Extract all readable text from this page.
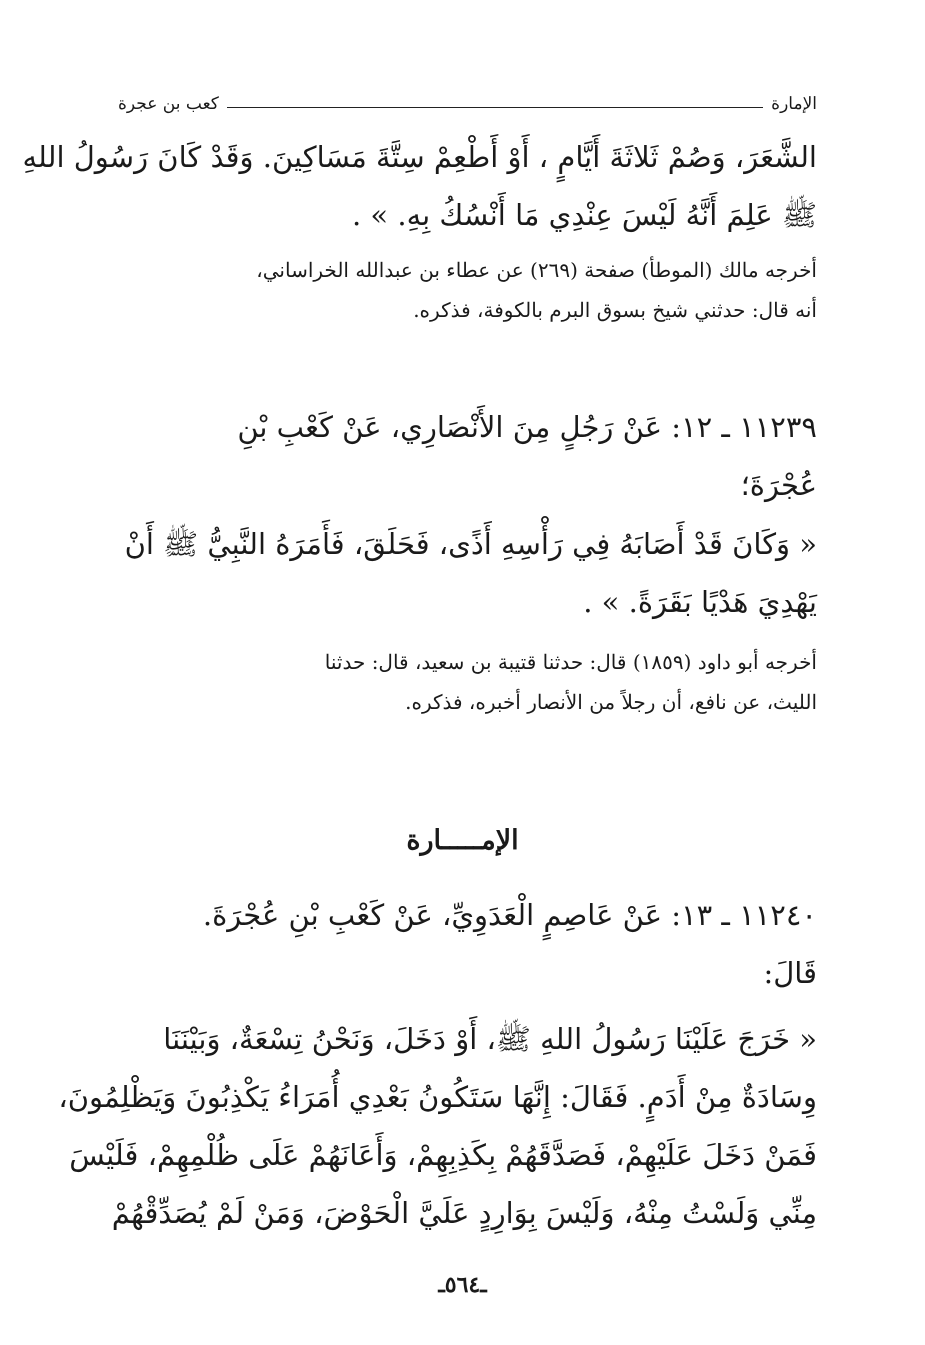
الإمارة
كعب بن عجرة
الشَّعَرَ، وَصُمْ ثَلاثَةَ أَيَّامٍ ، أَوْ أَطْعِمْ سِتَّةَ مَسَاكِينَ. وَقَدْ كَانَ رَسُولُ اللهِ
ﷺ عَلِمَ أَنَّهُ لَيْسَ عِنْدِي مَا أَنْسُكُ بِهِ. » .
أخرجه مالك (الموطأ) صفحة (٢٦٩) عن عطاء بن عبدالله الخراساني،
أنه قال: حدثني شيخ بسوق البرم بالكوفة، فذكره.
١١٢٣٩ ـ ١٢: عَنْ رَجُلٍ مِنَ الأَنْصَارِي، عَنْ كَعْبِ بْنِ
عُجْرَةَ؛
« وَكَانَ قَدْ أَصَابَهُ فِي رَأْسِهِ أَذًى، فَحَلَقَ، فَأَمَرَهُ النَّبِيُّ ﷺ أَنْ
يَهْدِيَ هَدْيًا بَقَرَةً. » .
أخرجه أبو داود (١٨٥٩) قال: حدثنا قتيبة بن سعيد، قال: حدثنا
الليث، عن نافع، أن رجلاً من الأنصار أخبره، فذكره.
الإمـــــارة
١١٢٤٠ ـ ١٣: عَنْ عَاصِمٍ الْعَدَوِيِّ، عَنْ كَعْبِ بْنِ عُجْرَةَ.
قَالَ:
« خَرَجَ عَلَيْنَا رَسُولُ اللهِ ﷺ، أَوْ دَخَلَ، وَنَحْنُ تِسْعَةٌ، وَبَيْنَنَا
وِسَادَةٌ مِنْ أَدَمٍ. فَقَالَ: إِنَّهَا سَتَكُونُ بَعْدِي أُمَرَاءُ يَكْذِبُونَ وَيَظْلِمُونَ،
فَمَنْ دَخَلَ عَلَيْهِمْ، فَصَدَّقَهُمْ بِكَذِبِهِمْ، وَأَعَانَهُمْ عَلَى ظُلْمِهِمْ، فَلَيْسَ
مِنِّي وَلَسْتُ مِنْهُ، وَلَيْسَ بِوَارِدٍ عَلَيَّ الْحَوْضَ، وَمَنْ لَمْ يُصَدِّقْهُمْ
ـ٥٦٤ـ
